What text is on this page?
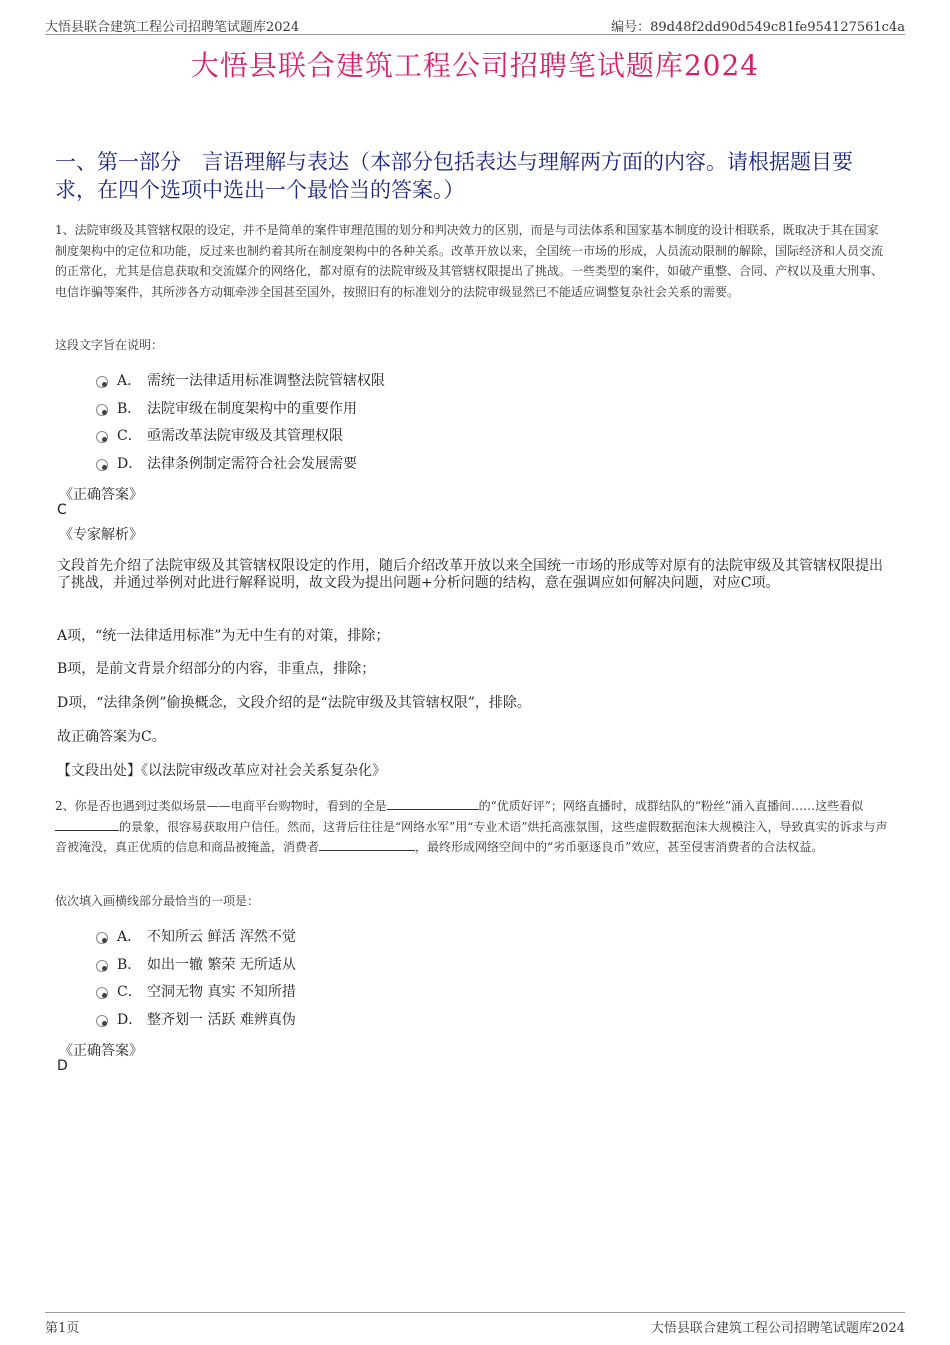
大悟县联合建筑工程公司招聘笔试题库2024	编号：89d48f2dd90d549c81fe954127561c4a
大悟县联合建筑工程公司招聘笔试题库2024
一、第一部分　言语理解与表达（本部分包括表达与理解两方面的内容。请根据题目要求，在四个选项中选出一个最恰当的答案。）
1、法院审级及其管辖权限的设定，并不是简单的案件审理范围的划分和判决效力的区别，而是与司法体系和国家基本制度的设计相联系，既取决于其在国家制度架构中的定位和功能，反过来也制约着其所在制度架构中的各种关系。改革开放以来，全国统一市场的形成，人员流动限制的解除，国际经济和人员交流的正常化，尤其是信息获取和交流媒介的网络化，都对原有的法院审级及其管辖权限提出了挑战。一些类型的案件，如破产重整、合同、产权以及重大刑事、电信诈骗等案件，其所涉各方动辄牵涉全国甚至国外，按照旧有的标准划分的法院审级显然已不能适应调整复杂社会关系的需要。
这段文字旨在说明：
A． 需统一法律适用标准调整法院管辖权限
B． 法院审级在制度架构中的重要作用
C． 亟需改革法院审级及其管理权限
D． 法律条例制定需符合社会发展需要
《正确答案》
C
《专家解析》
文段首先介绍了法院审级及其管辖权限设定的作用，随后介绍改革开放以来全国统一市场的形成等对原有的法院审级及其管辖权限提出了挑战，并通过举例对此进行解释说明，故文段为提出问题+分析问题的结构，意在强调应如何解决问题，对应C项。
A项，“统一法律适用标准”为无中生有的对策，排除；
B项，是前文背景介绍部分的内容，非重点，排除；
D项，“法律条例”偷换概念，文段介绍的是“法院审级及其管辖权限”，排除。
故正确答案为C。
【文段出处】《以法院审级改革应对社会关系复杂化》
2、你是否也遇到过类似场景——电商平台购物时，看到的全是	的“优质好评”；网络直播时，成群结队的“粉丝”涌入直播间……这些看似的景象，很容易获取用户信任。然而，这背后往往是“网络水军”用“专业术语”烘托高涨氛围，这些虚假数据泡沫大规模注入，导致真实的诉求与声音被淹没，真正优质的信息和商品被掩盖，消费者	，最终形成网络空间中的“劣币驱逐良币”效应，甚至侵害消费者的合法权益。
依次填入画横线部分最恰当的一项是：
A． 不知所云 鲜活 浑然不觉
B． 如出一辙 繁荣 无所适从
C． 空洞无物 真实 不知所措
D． 整齐划一 活跃 难辨真伪
《正确答案》
D
第1页	大悟县联合建筑工程公司招聘笔试题库2024
